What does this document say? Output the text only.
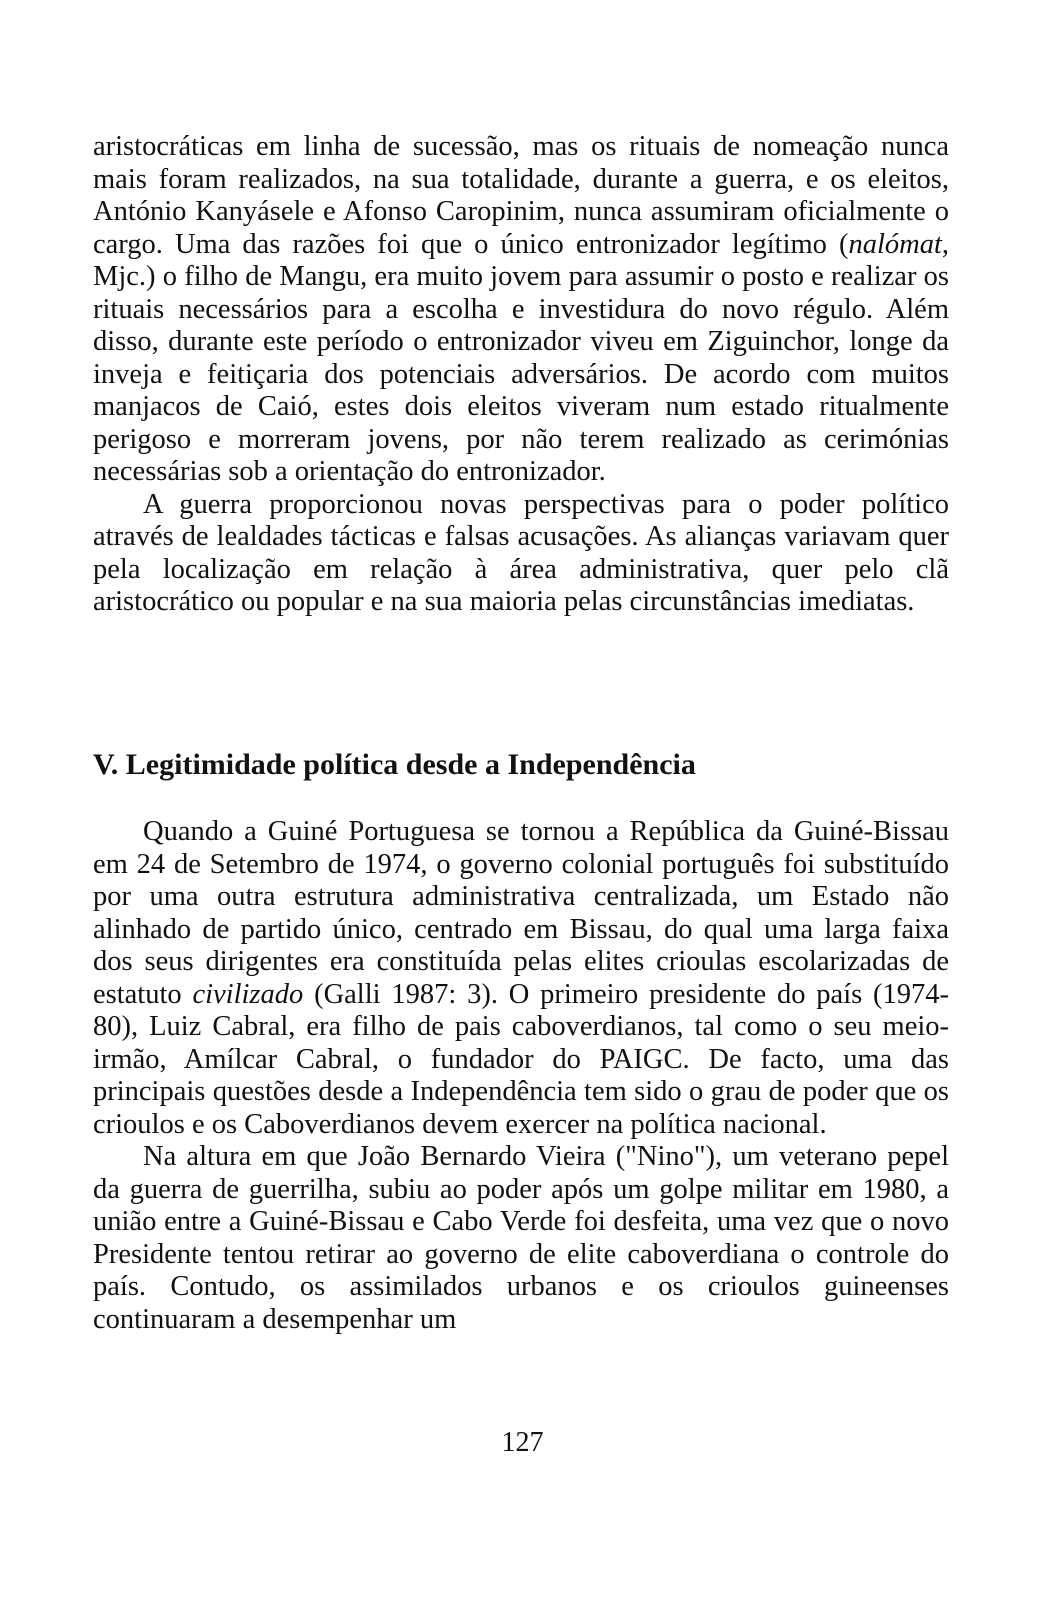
aristocráticas em linha de sucessão, mas os rituais de nomeação nunca mais foram realizados, na sua totalidade, durante a guerra, e os eleitos, António Kanyásele e Afonso Caropinim, nunca assumiram oficialmente o cargo. Uma das razões foi que o único entronizador legítimo (nalómat, Mjc.) o filho de Mangu, era muito jovem para assumir o posto e realizar os rituais necessários para a escolha e investidura do novo régulo. Além disso, durante este período o entronizador viveu em Ziguinchor, longe da inveja e feitiçaria dos potenciais adversários. De acordo com muitos manjacos de Caió, estes dois eleitos viveram num estado ritualmente perigoso e morreram jovens, por não terem realizado as cerimónias necessárias sob a orientação do entronizador.

A guerra proporcionou novas perspectivas para o poder político através de lealdades tácticas e falsas acusações. As alianças variavam quer pela localização em relação à área administrativa, quer pelo clã aristocrático ou popular e na sua maioria pelas circunstâncias imediatas.

V. Legitimidade política desde a Independência

Quando a Guiné Portuguesa se tornou a República da Guiné-Bissau em 24 de Setembro de 1974, o governo colonial português foi substituído por uma outra estrutura administrativa centralizada, um Estado não alinhado de partido único, centrado em Bissau, do qual uma larga faixa dos seus dirigentes era constituída pelas elites crioulas escolarizadas de estatuto civilizado (Galli 1987: 3). O primeiro presidente do país (1974-80), Luiz Cabral, era filho de pais caboverdianos, tal como o seu meio-irmão, Amílcar Cabral, o fundador do PAIGC. De facto, uma das principais questões desde a Independência tem sido o grau de poder que os crioulos e os Caboverdianos devem exercer na política nacional.

Na altura em que João Bernardo Vieira ("Nino"), um veterano pepel da guerra de guerrilha, subiu ao poder após um golpe militar em 1980, a união entre a Guiné-Bissau e Cabo Verde foi desfeita, uma vez que o novo Presidente tentou retirar ao governo de elite caboverdiana o controle do país. Contudo, os assimilados urbanos e os crioulos guineenses continuaram a desempenhar um

127
